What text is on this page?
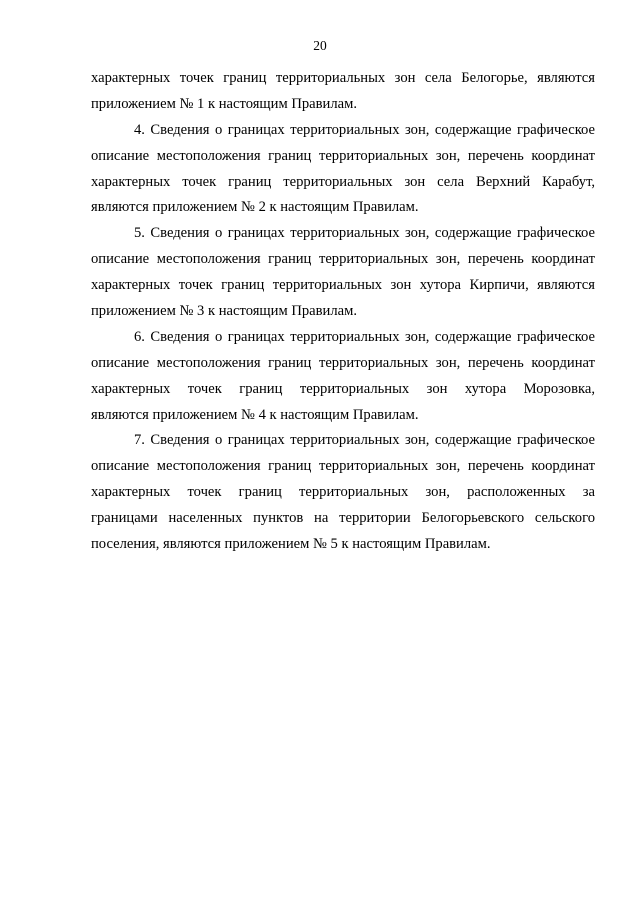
20
характерных точек границ территориальных зон села Белогорье, являются
приложением № 1 к настоящим Правилам.
4. Сведения о границах территориальных зон, содержащие графическое
описание местоположения границ территориальных зон, перечень координат
характерных точек границ территориальных зон села Верхний Карабут,
являются приложением № 2 к настоящим Правилам.
5. Сведения о границах территориальных зон, содержащие графическое
описание местоположения границ территориальных зон, перечень координат
характерных точек границ территориальных зон хутора Кирпичи, являются
приложением № 3 к настоящим Правилам.
6. Сведения о границах территориальных зон, содержащие графическое
описание местоположения границ территориальных зон, перечень координат
характерных точек границ территориальных зон хутора Морозовка,
являются приложением № 4 к настоящим Правилам.
7. Сведения о границах территориальных зон, содержащие графическое
описание местоположения границ территориальных зон, перечень координат
характерных точек границ территориальных зон, расположенных за
границами населенных пунктов на территории Белогорьевского сельского
поселения, являются приложением № 5 к настоящим Правилам.
